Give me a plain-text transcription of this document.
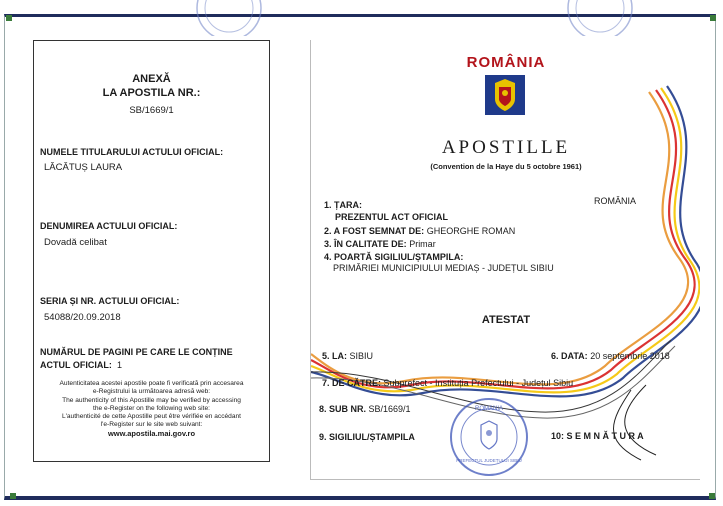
ANEXĂ
LA APOSTILA NR.:
SB/1669/1
NUMELE TITULARULUI ACTULUI OFICIAL:
LĂCĂTUȘ LAURA
DENUMIREA ACTULUI OFICIAL:
Dovadă celibat
SERIA ȘI NR. ACTULUI OFICIAL:
54088/20.09.2018
NUMĂRUL DE PAGINI PE CARE LE CONȚINE
ACTUL OFICIAL: 1
Autenticitatea acestei apostile poate fi verificată prin accesarea
e-Registrului la următoarea adresă web:
The authenticity of this Apostille may be verified by accessing
the e-Register on the following web site:
L'authenticité de cette Apostille peut être vérifiée en accédant
l'e-Register sur le site web suivant:
www.apostila.mai.gov.ro
ROMÂNIA
APOSTILLE
(Convention de la Haye du 5 octobre 1961)
1. ȚARA:	ROMÂNIA
PREZENTUL ACT OFICIAL
2. A FOST SEMNAT DE: GHEORGHE ROMAN
3. ÎN CALITATE DE: Primar
4. POARTĂ SIGILIUL/ȘTAMPILA:
PRIMĂRIEI MUNICIPIULUI MEDIAȘ - JUDEȚUL SIBIU
ATESTAT
5. LA: SIBIU	6. DATA: 20 septembrie 2018
7. DE CĂTRE: Subprefect - Instituția Prefectului - Județul Sibiu
8. SUB NR. SB/1669/1
9. SIGILIUL/ȘTAMPILA	10: S E M N Ă T U R A
ROMÂNIA
PREFECTUL JUDEȚULUI SIBIU
